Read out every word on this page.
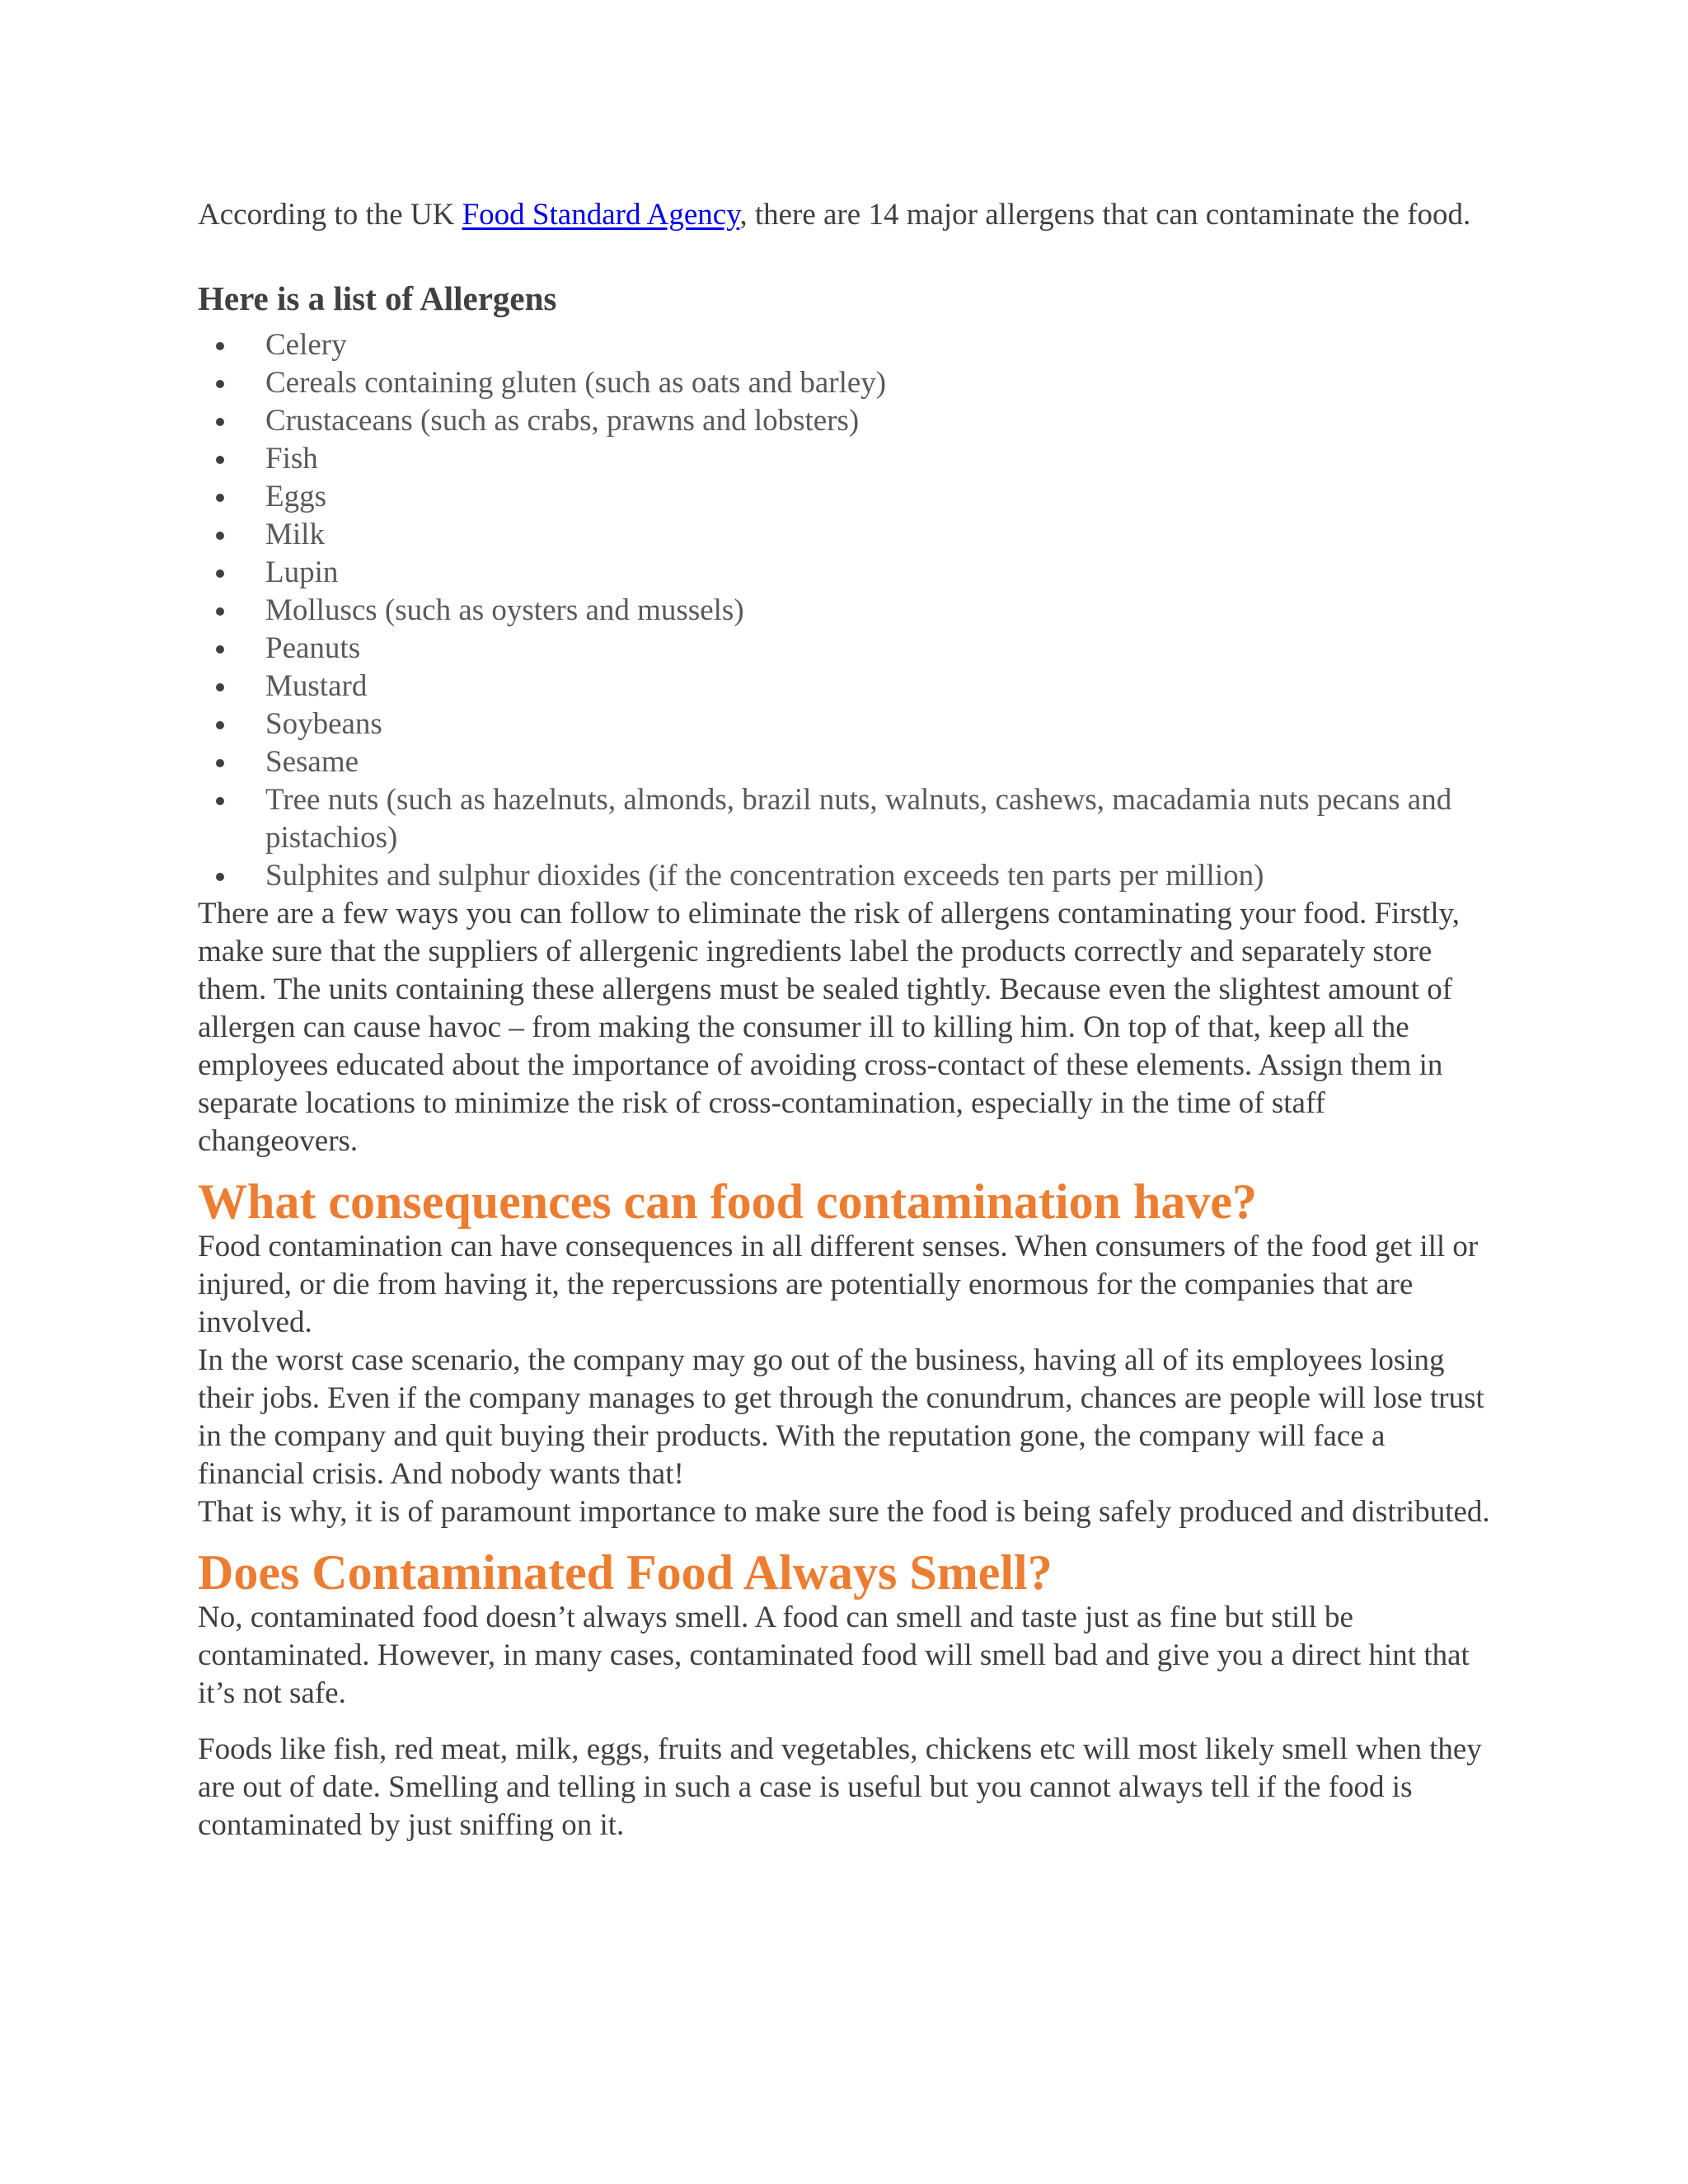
According to the UK Food Standard Agency, there are 14 major allergens that can contaminate the food.

Here is a list of Allergens
Celery
Cereals containing gluten (such as oats and barley)
Crustaceans (such as crabs, prawns and lobsters)
Fish
Eggs
Milk
Lupin
Molluscs (such as oysters and mussels)
Peanuts
Mustard
Soybeans
Sesame
Tree nuts (such as hazelnuts, almonds, brazil nuts, walnuts, cashews, macadamia nuts pecans and pistachios)
Sulphites and sulphur dioxides (if the concentration exceeds ten parts per million)

There are a few ways you can follow to eliminate the risk of allergens contaminating your food. Firstly, make sure that the suppliers of allergenic ingredients label the products correctly and separately store them. The units containing these allergens must be sealed tightly. Because even the slightest amount of allergen can cause havoc – from making the consumer ill to killing him. On top of that, keep all the employees educated about the importance of avoiding cross-contact of these elements. Assign them in separate locations to minimize the risk of cross-contamination, especially in the time of staff changeovers.

What consequences can food contamination have?

Food contamination can have consequences in all different senses. When consumers of the food get ill or injured, or die from having it, the repercussions are potentially enormous for the companies that are involved.

In the worst case scenario, the company may go out of the business, having all of its employees losing their jobs. Even if the company manages to get through the conundrum, chances are people will lose trust in the company and quit buying their products. With the reputation gone, the company will face a financial crisis. And nobody wants that!

That is why, it is of paramount importance to make sure the food is being safely produced and distributed.

Does Contaminated Food Always Smell?

No, contaminated food doesn’t always smell. A food can smell and taste just as fine but still be contaminated. However, in many cases, contaminated food will smell bad and give you a direct hint that it’s not safe.

Foods like fish, red meat, milk, eggs, fruits and vegetables, chickens etc will most likely smell when they are out of date. Smelling and telling in such a case is useful but you cannot always tell if the food is contaminated by just sniffing on it.
